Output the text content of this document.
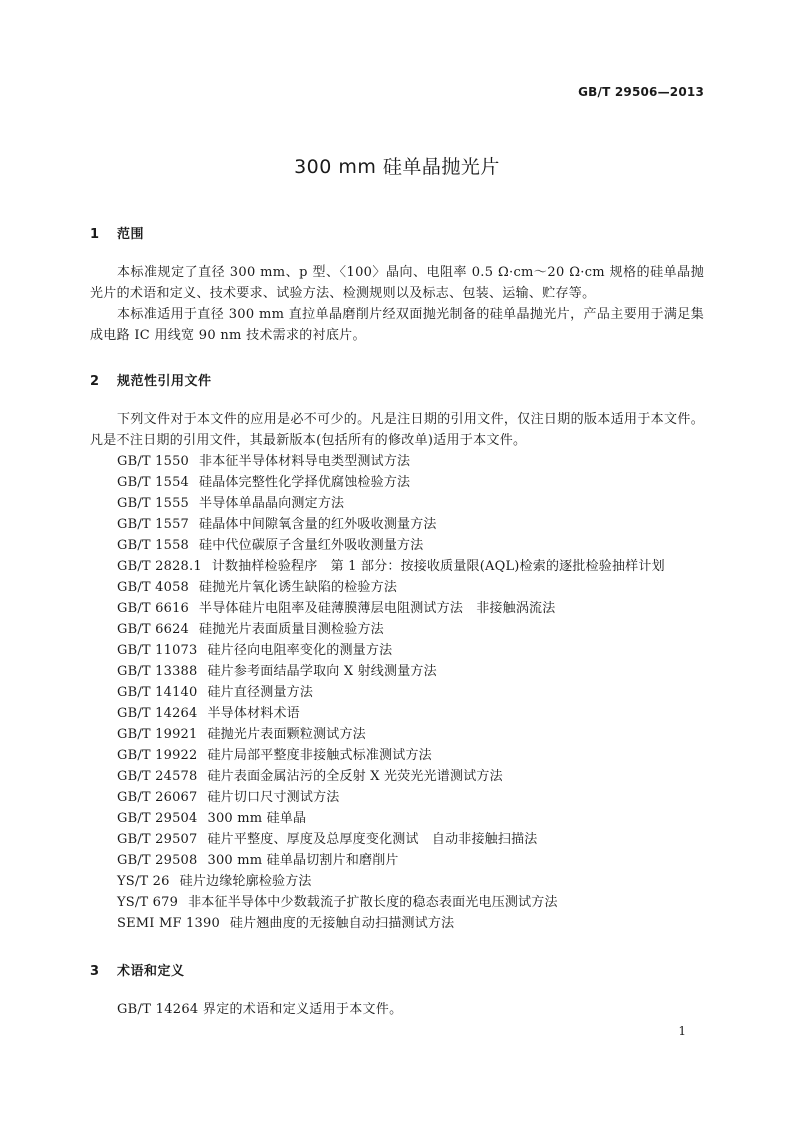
GB/T 29506—2013
300 mm 硅单晶抛光片
1 范围
本标准规定了直径 300 mm、p 型、〈100〉晶向、电阻率 0.5 Ω·cm～20 Ω·cm 规格的硅单晶抛光片的术语和定义、技术要求、试验方法、检测规则以及标志、包装、运输、贮存等。
本标准适用于直径 300 mm 直拉单晶磨削片经双面抛光制备的硅单晶抛光片，产品主要用于满足集成电路 IC 用线宽 90 nm 技术需求的衬底片。
2 规范性引用文件
下列文件对于本文件的应用是必不可少的。凡是注日期的引用文件，仅注日期的版本适用于本文件。凡是不注日期的引用文件，其最新版本(包括所有的修改单)适用于本文件。
GB/T 1550 非本征半导体材料导电类型测试方法
GB/T 1554 硅晶体完整性化学择优腐蚀检验方法
GB/T 1555 半导体单晶晶向测定方法
GB/T 1557 硅晶体中间隙氧含量的红外吸收测量方法
GB/T 1558 硅中代位碳原子含量红外吸收测量方法
GB/T 2828.1 计数抽样检验程序　第 1 部分：按接收质量限(AQL)检索的逐批检验抽样计划
GB/T 4058 硅抛光片氧化诱生缺陷的检验方法
GB/T 6616 半导体硅片电阻率及硅薄膜薄层电阻测试方法　非接触涡流法
GB/T 6624 硅抛光片表面质量目测检验方法
GB/T 11073 硅片径向电阻率变化的测量方法
GB/T 13388 硅片参考面结晶学取向 X 射线测量方法
GB/T 14140 硅片直径测量方法
GB/T 14264 半导体材料术语
GB/T 19921 硅抛光片表面颗粒测试方法
GB/T 19922 硅片局部平整度非接触式标准测试方法
GB/T 24578 硅片表面金属沾污的全反射 X 光荧光光谱测试方法
GB/T 26067 硅片切口尺寸测试方法
GB/T 29504 300 mm 硅单晶
GB/T 29507 硅片平整度、厚度及总厚度变化测试　自动非接触扫描法
GB/T 29508 300 mm 硅单晶切割片和磨削片
YS/T 26 硅片边缘轮廓检验方法
YS/T 679 非本征半导体中少数载流子扩散长度的稳态表面光电压测试方法
SEMI MF 1390 硅片翘曲度的无接触自动扫描测试方法
3 术语和定义
GB/T 14264 界定的术语和定义适用于本文件。
1
